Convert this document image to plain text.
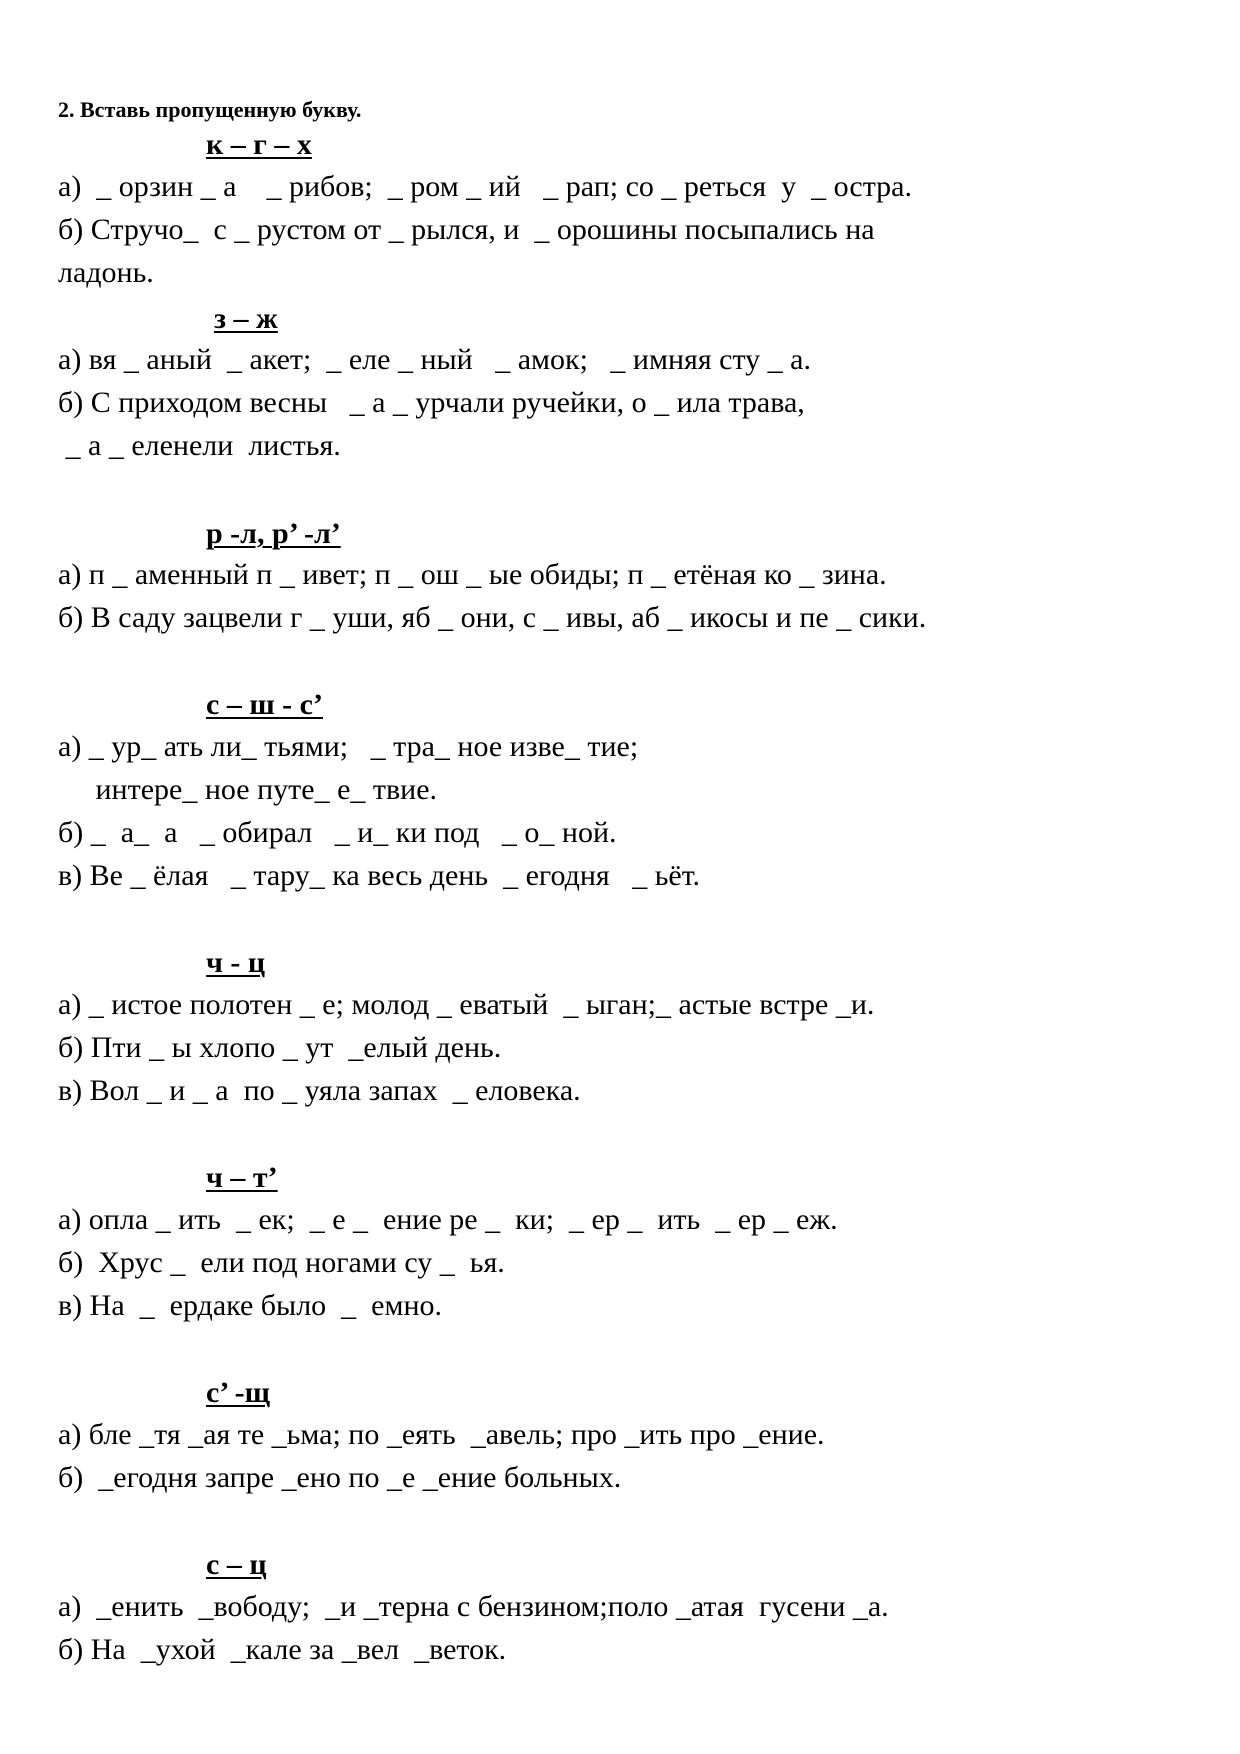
2. Вставь пропущенную букву.
к – г – х
а)  _ орзин _ а    _ рибов;  _ ром _ ий   _ рап; со _ реться  у  _ остра.
б) Стручо_  с _ рустом от _ рылся, и  _ орошины посыпались на
ладонь.
з – ж
а) вя _ аный  _ акет;  _ еле _ ный   _ амок;   _ имняя сту _ а.
б) С приходом весны   _ а _ урчали ручейки, о _ ила трава,
_ а _ еленели  листья.
р -л, р’ -л’
а) п _ аменный п _ ивет; п _ ош _ ые обиды; п _ етёная ко _ зина.
б) В саду зацвели г _ уши, яб _ они, с _ ивы, аб _ икосы и пе _ сики.
с – ш - с’
а) _ ур_ ать ли_ тьями;   _ тра_ ное изве_ тие;
интере_ ное путе_ е_ твие.
б) _  а_  а   _ обирал   _ и_ ки под   _ о_ ной.
в) Ве _ ёлая   _ тару_ ка весь день  _ егодня   _ ьёт.
ч - ц
а) _ истое полотен _ е; молод _ еватый  _ ыган;_ астые встре _и.
б) Пти _ ы хлопо _ ут  _елый день.
в) Вол _ и _ а  по _ уяла запах  _ еловека.
ч – т’
а) опла _ ить  _ ек;  _ е _  ение ре _  ки;  _ ер _  ить  _ ер _ еж.
б)  Хрус _  ели под ногами су _  ья.
в) На  _  ердаке было  _  емно.
с’ -щ
а) бле _тя _ая те _ьма; по _еять  _авель; про _ить про _ение.
б)  _егодня запре _ено по _е _ение больных.
с – ц
а)  _енить  _вободу;  _и _терна с бензином;поло _атая  гусени _а.
б) На  _ухой  _кале за _вел  _веток.
